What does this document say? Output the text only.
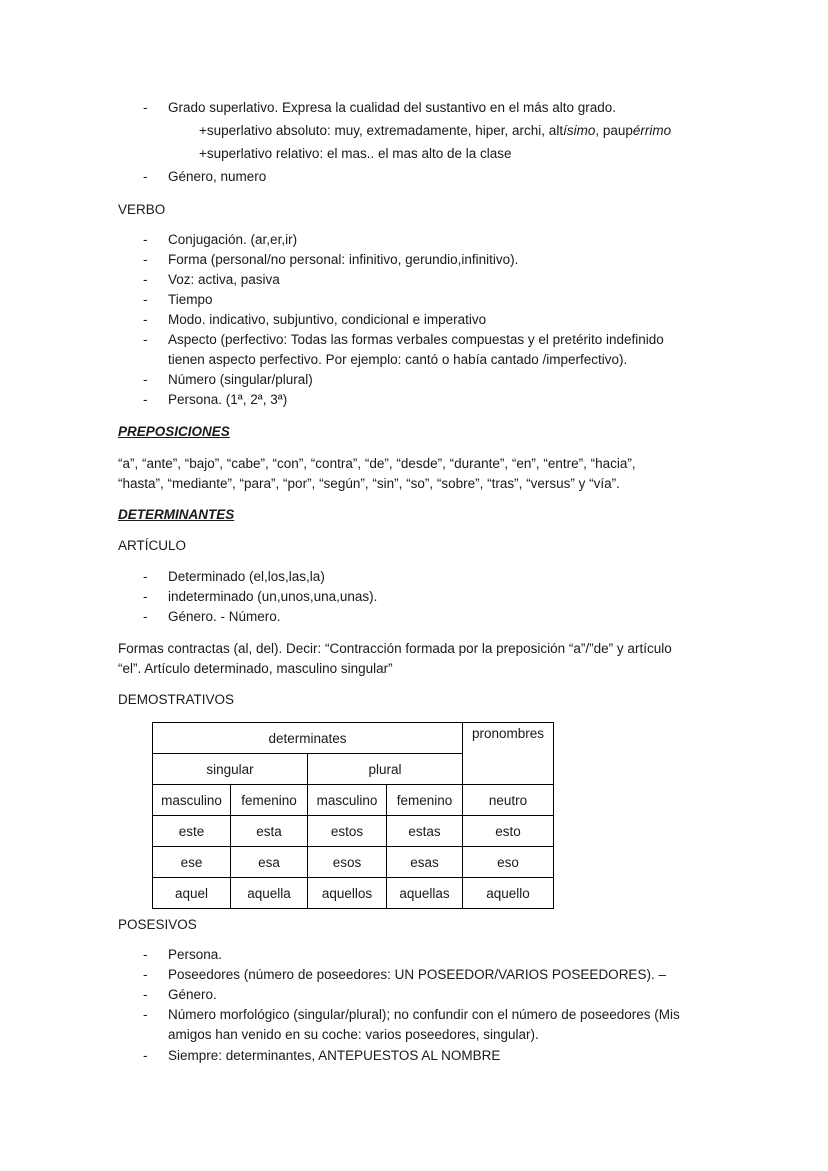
- Grado superlativo. Expresa la cualidad del sustantivo en el más alto grado.
+superlativo absoluto: muy, extremadamente, hiper, archi, altísimo, paupérrimo
+superlativo relativo: el mas.. el mas alto de la clase
- Género, numero
VERBO
- Conjugación. (ar,er,ir)
- Forma (personal/no personal: infinitivo, gerundio,infinitivo).
- Voz: activa, pasiva
- Tiempo
- Modo. indicativo, subjuntivo, condicional e imperativo
- Aspecto (perfectivo: Todas las formas verbales compuestas y el pretérito indefinido
tienen aspecto perfectivo. Por ejemplo: cantó o había cantado /imperfectivo).
- Número (singular/plural)
- Persona. (1ª, 2ª, 3ª)
PREPOSICIONES
“a”, “ante”, “bajo”, “cabe”, “con”, “contra”, “de”, “desde”, “durante”, “en”, “entre”, “hacia”,
“hasta”, “mediante”, “para”, “por”, “según”, “sin”, “so”, “sobre”, “tras”, “versus” y “vía”.
DETERMINANTES
ARTÍCULO
- Determinado (el,los,las,la)
- indeterminado (un,unos,una,unas).
- Género. - Número.
Formas contractas (al, del). Decir: “Contracción formada por la preposición “a”/”de” y artículo
“el”. Artículo determinado, masculino singular”
DEMOSTRATIVOS
determinates				pronombres
singular		plural		
masculino	femenino	masculino	femenino	neutro
este	esta	estos	estas	esto
ese	esa	esos	esas	eso
aquel	aquella	aquellos	aquellas	aquello
POSESIVOS
- Persona.
- Poseedores (número de poseedores: UN POSEEDOR/VARIOS POSEEDORES). –
- Género.
- Número morfológico (singular/plural); no confundir con el número de poseedores (Mis
amigos han venido en su coche: varios poseedores, singular).
- Siempre: determinantes, ANTEPUESTOS AL NOMBRE
